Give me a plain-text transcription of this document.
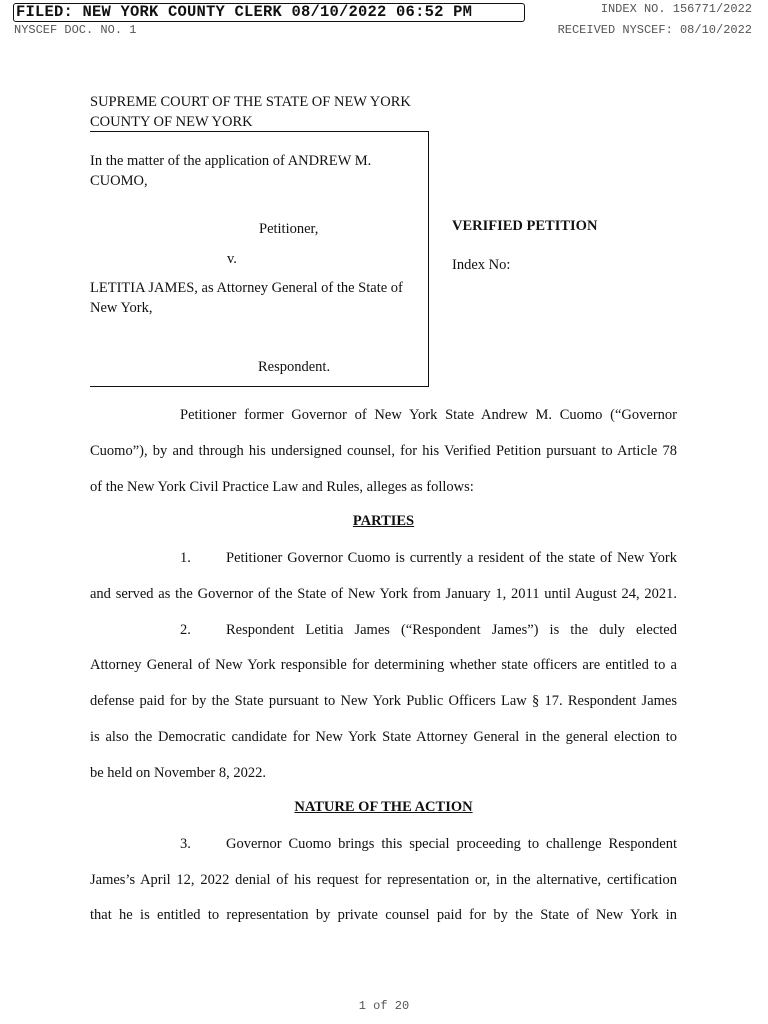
FILED: NEW YORK COUNTY CLERK 08/10/2022 06:52 PM
NYSCEF DOC. NO. 1
INDEX NO. 156771/2022
RECEIVED NYSCEF: 08/10/2022
SUPREME COURT OF THE STATE OF NEW YORK
COUNTY OF NEW YORK
In the matter of the application of ANDREW M.
CUOMO,
Petitioner,
v.
LETITIA JAMES, as Attorney General of the State of
New York,
Respondent.
VERIFIED PETITION
Index No:
Petitioner former Governor of New York State Andrew M. Cuomo (“Governor
Cuomo”), by and through his undersigned counsel, for his Verified Petition pursuant to Article 78
of the New York Civil Practice Law and Rules, alleges as follows:
PARTIES
1. Petitioner Governor Cuomo is currently a resident of the state of New York
and served as the Governor of the State of New York from January 1, 2011 until August 24, 2021.
2. Respondent Letitia James (“Respondent James”) is the duly elected
Attorney General of New York responsible for determining whether state officers are entitled to a
defense paid for by the State pursuant to New York Public Officers Law § 17. Respondent James
is also the Democratic candidate for New York State Attorney General in the general election to
be held on November 8, 2022.
NATURE OF THE ACTION
3. Governor Cuomo brings this special proceeding to challenge Respondent
James’s April 12, 2022 denial of his request for representation or, in the alternative, certification
that he is entitled to representation by private counsel paid for by the State of New York in
1 of 20
